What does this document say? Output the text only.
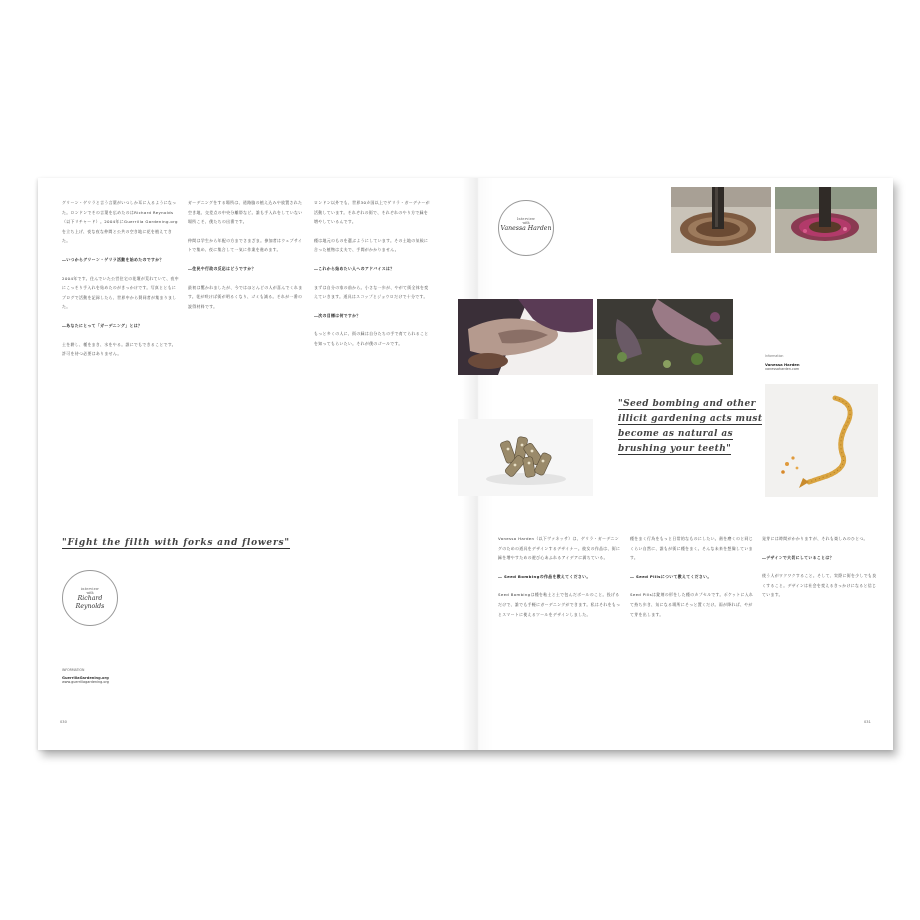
グリーン・ゲリラと言う言葉がいつしか耳に入るようになった。ロンドンでその言葉を広めたのはRichard Reynolds（以下リチャード）。2004年にGuerrilla Gardening.orgを立ち上げ、夜な夜な仲間と公共の空き地に花を植えてきた。

―いつからグリーン・ゲリラ活動を始めたのですか？

2004年です。住んでいた公営住宅の花壇が荒れていて、夜中にこっそり手入れを始めたのがきっかけです。写真とともにブログで活動を記録したら、世界中から賛同者が集まりました。

―あなたにとって「ガーデニング」とは？

土を耕し、種をまき、水をやる。誰にでもできることです。許可を待つ必要はありません。

ガーデニングをする場所は、道路脇の植え込みや放置された空き地、交差点の中央分離帯など。誰も手入れをしていない場所こそ、僕たちの出番です。

仲間は学生から年配の方までさまざま。参加者はウェブサイトで集め、夜に集合して一気に作業を進めます。

―住民や行政の反応はどうですか？

最初は驚かれましたが、今ではほとんどの人が喜んでくれます。花が咲けば街が明るくなり、ゴミも減る。それが一番の説得材料です。

ロンドン以外でも、世界30カ国以上でゲリラ・ガーデナーが活動しています。それぞれの街で、それぞれのやり方で緑を増やしているんです。

種は地元のものを選ぶようにしています。その土地の気候に合った植物は丈夫で、手間がかかりません。

―これから始めたい人へのアドバイスは？

まずは自分の家の前から。小さな一歩が、やがて街全体を変えていきます。道具はスコップとジョウロだけで十分です。

―次の目標は何ですか？

もっと多くの人に、街の緑は自分たちの手で育てられることを知ってもらいたい。それが僕のゴールです。

"Fight the filth with forks and flowers"
interview
with
Richard Reynolds
INFORMATION
GuerrillaGardening.org
www.guerrillagardening.org
030
Interview
with
Vanessa Harden
"Seed bombing and other illicit gardening acts must become as natural as brushing your teeth"
Information
Vanessa Harden
vanessaharden.com

Vanessa Harden（以下ヴァネッサ）は、ゲリラ・ガーデニングのための道具をデザインするデザイナー。彼女の作品は、街に緑を増やすための遊び心あふれるアイデアに満ちている。

― Seed Bombingの作品を教えてください。

Seed Bombingは種を粘土と土で包んだボールのこと。投げるだけで、誰でも手軽にガーデニングができます。私はそれをもっとスマートに使えるツールをデザインしました。

種をまく行為をもっと日常的なものにしたい。歯を磨くのと同じくらい自然に、誰もが街に種をまく。そんな未来を想像しています。

― Seed Pillsについて教えてください。

Seed Pillsは錠剤の形をした種のカプセルです。ポケットに入れて持ち歩き、気になる場所にそっと置くだけ。雨が降れば、やがて芽を出します。

発芽には時間がかかりますが、それも楽しみのひとつ。

―デザインで大切にしていることは？

使う人がワクワクすること。そして、実際に街を少しでも良くすること。デザインは社会を変えるきっかけになると信じています。

031
